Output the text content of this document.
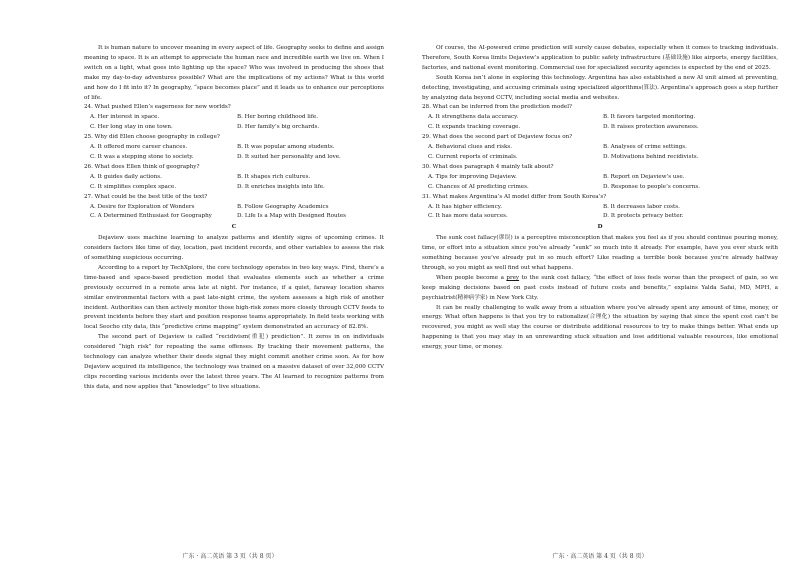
It is human nature to uncover meaning in every aspect of life. Geography seeks to define and assign meaning to space. It is an attempt to appreciate the human race and incredible earth we live on. When I switch on a light, what goes into lighting up the space? Who was involved in producing the shoes that make my day-to-day adventures possible? What are the implications of my actions? What is this world and how do I fit into it? In geography, “space becomes place” and it leads us to enhance our perceptions of life.

24. What pushed Ellen’s eagerness for new worlds?
A. Her interest in space.	B. Her boring childhood life.
C. Her long stay in one town.	D. Her family’s big orchards.
25. Why did Ellen choose geography in college?
A. It offered more career chances.	B. It was popular among students.
C. It was a stepping stone to society.	D. It suited her personality and love.
26. What does Ellen think of geography?
A. It guides daily actions.	B. It shapes rich cultures.
C. It simplifies complex space.	D. It enriches insights into life.
27. What could be the best title of the text?
A. Desire for Exploration of Wonders	B. Follow Geography Academics
C. A Determined Enthusiast for Geography	D. Life Is a Map with Designed Routes
C

Dejaview uses machine learning to analyze patterns and identify signs of upcoming crimes. It considers factors like time of day, location, past incident records, and other variables to assess the risk of something suspicious occurring.

According to a report by TechXplore, the core technology operates in two key ways. First, there’s a time-based and space-based prediction model that evaluates elements such as whether a crime previously occurred in a remote area late at night. For instance, if a quiet, faraway location shares similar environmental factors with a past late-night crime, the system assesses a high risk of another incident. Authorities can then actively monitor those high-risk zones more closely through CCTV feeds to prevent incidents before they start and position response teams appropriately. In field tests working with local Seocho city data, this “predictive crime mapping” system demonstrated an accuracy of 82.8%.

The second part of Dejaview is called “recidivism(重犯) prediction”. It zeros in on individuals considered “high risk” for repeating the same offenses. By tracking their movement patterns, the technology can analyze whether their deeds signal they might commit another crime soon. As for how Dejaview acquired its intelligence, the technology was trained on a massive dataset of over 32,000 CCTV clips recording various incidents over the latest three years. The AI learned to recognize patterns from this data, and now applies that “knowledge” to live situations.

广东 · 高二英语 第 3 页（共 8 页）

Of course, the AI-powered crime prediction will surely cause debates, especially when it comes to tracking individuals. Therefore, South Korea limits Dejaview’s application to public safety infrastructure (基础设施) like airports, energy facilities, factories, and national event monitoring. Commercial use for specialized security agencies is expected by the end of 2025.

South Korea isn’t alone in exploring this technology. Argentina has also established a new AI unit aimed at preventing, detecting, investigating, and accusing criminals using specialized algorithms(算法). Argentina’s approach goes a step further by analyzing data beyond CCTV, including social media and websites.

28. What can be inferred from the prediction model?
A. It strengthens data accuracy.	B. It favors targeted monitoring.
C. It expands tracking coverage.	D. It raises protection awareness.
29. What does the second part of Dejaview focus on?
A. Behavioral clues and risks.	B. Analyses of crime settings.
C. Current reports of criminals.	D. Motivations behind recidivists.
30. What does paragraph 4 mainly talk about?
A. Tips for improving Dejaview.	B. Report on Dejaview’s use.
C. Chances of AI predicting crimes.	D. Response to people’s concerns.
31. What makes Argentina’s AI model differ from South Korea’s?
A. It has higher efficiency.	B. It decreases labor costs.
C. It has more data sources.	D. It protects privacy better.
D

The sunk cost fallacy(谬误) is a perceptive misconception that makes you feel as if you should continue pouring money, time, or effort into a situation since you’ve already “sunk” so much into it already. For example, have you ever stuck with something because you’ve already put in so much effort? Like reading a terrible book because you’re already halfway through, so you might as well find out what happens.

When people become a prey to the sunk cost fallacy, “the effect of loss feels worse than the prospect of gain, so we keep making decisions based on past costs instead of future costs and benefits,” explains Yalda Safai, MD, MPH, a psychiatrist(精神病学家) in New York City.

It can be really challenging to walk away from a situation where you’ve already spent any amount of time, money, or energy. What often happens is that you try to rationalize(合理化) the situation by saying that since the spent cost can’t be recovered, you might as well stay the course or distribute additional resources to try to make things better. What ends up happening is that you may stay in an unrewarding stuck situation and lose additional valuable resources, like emotional energy, your time, or money.

广东 · 高二英语 第 4 页（共 8 页）
